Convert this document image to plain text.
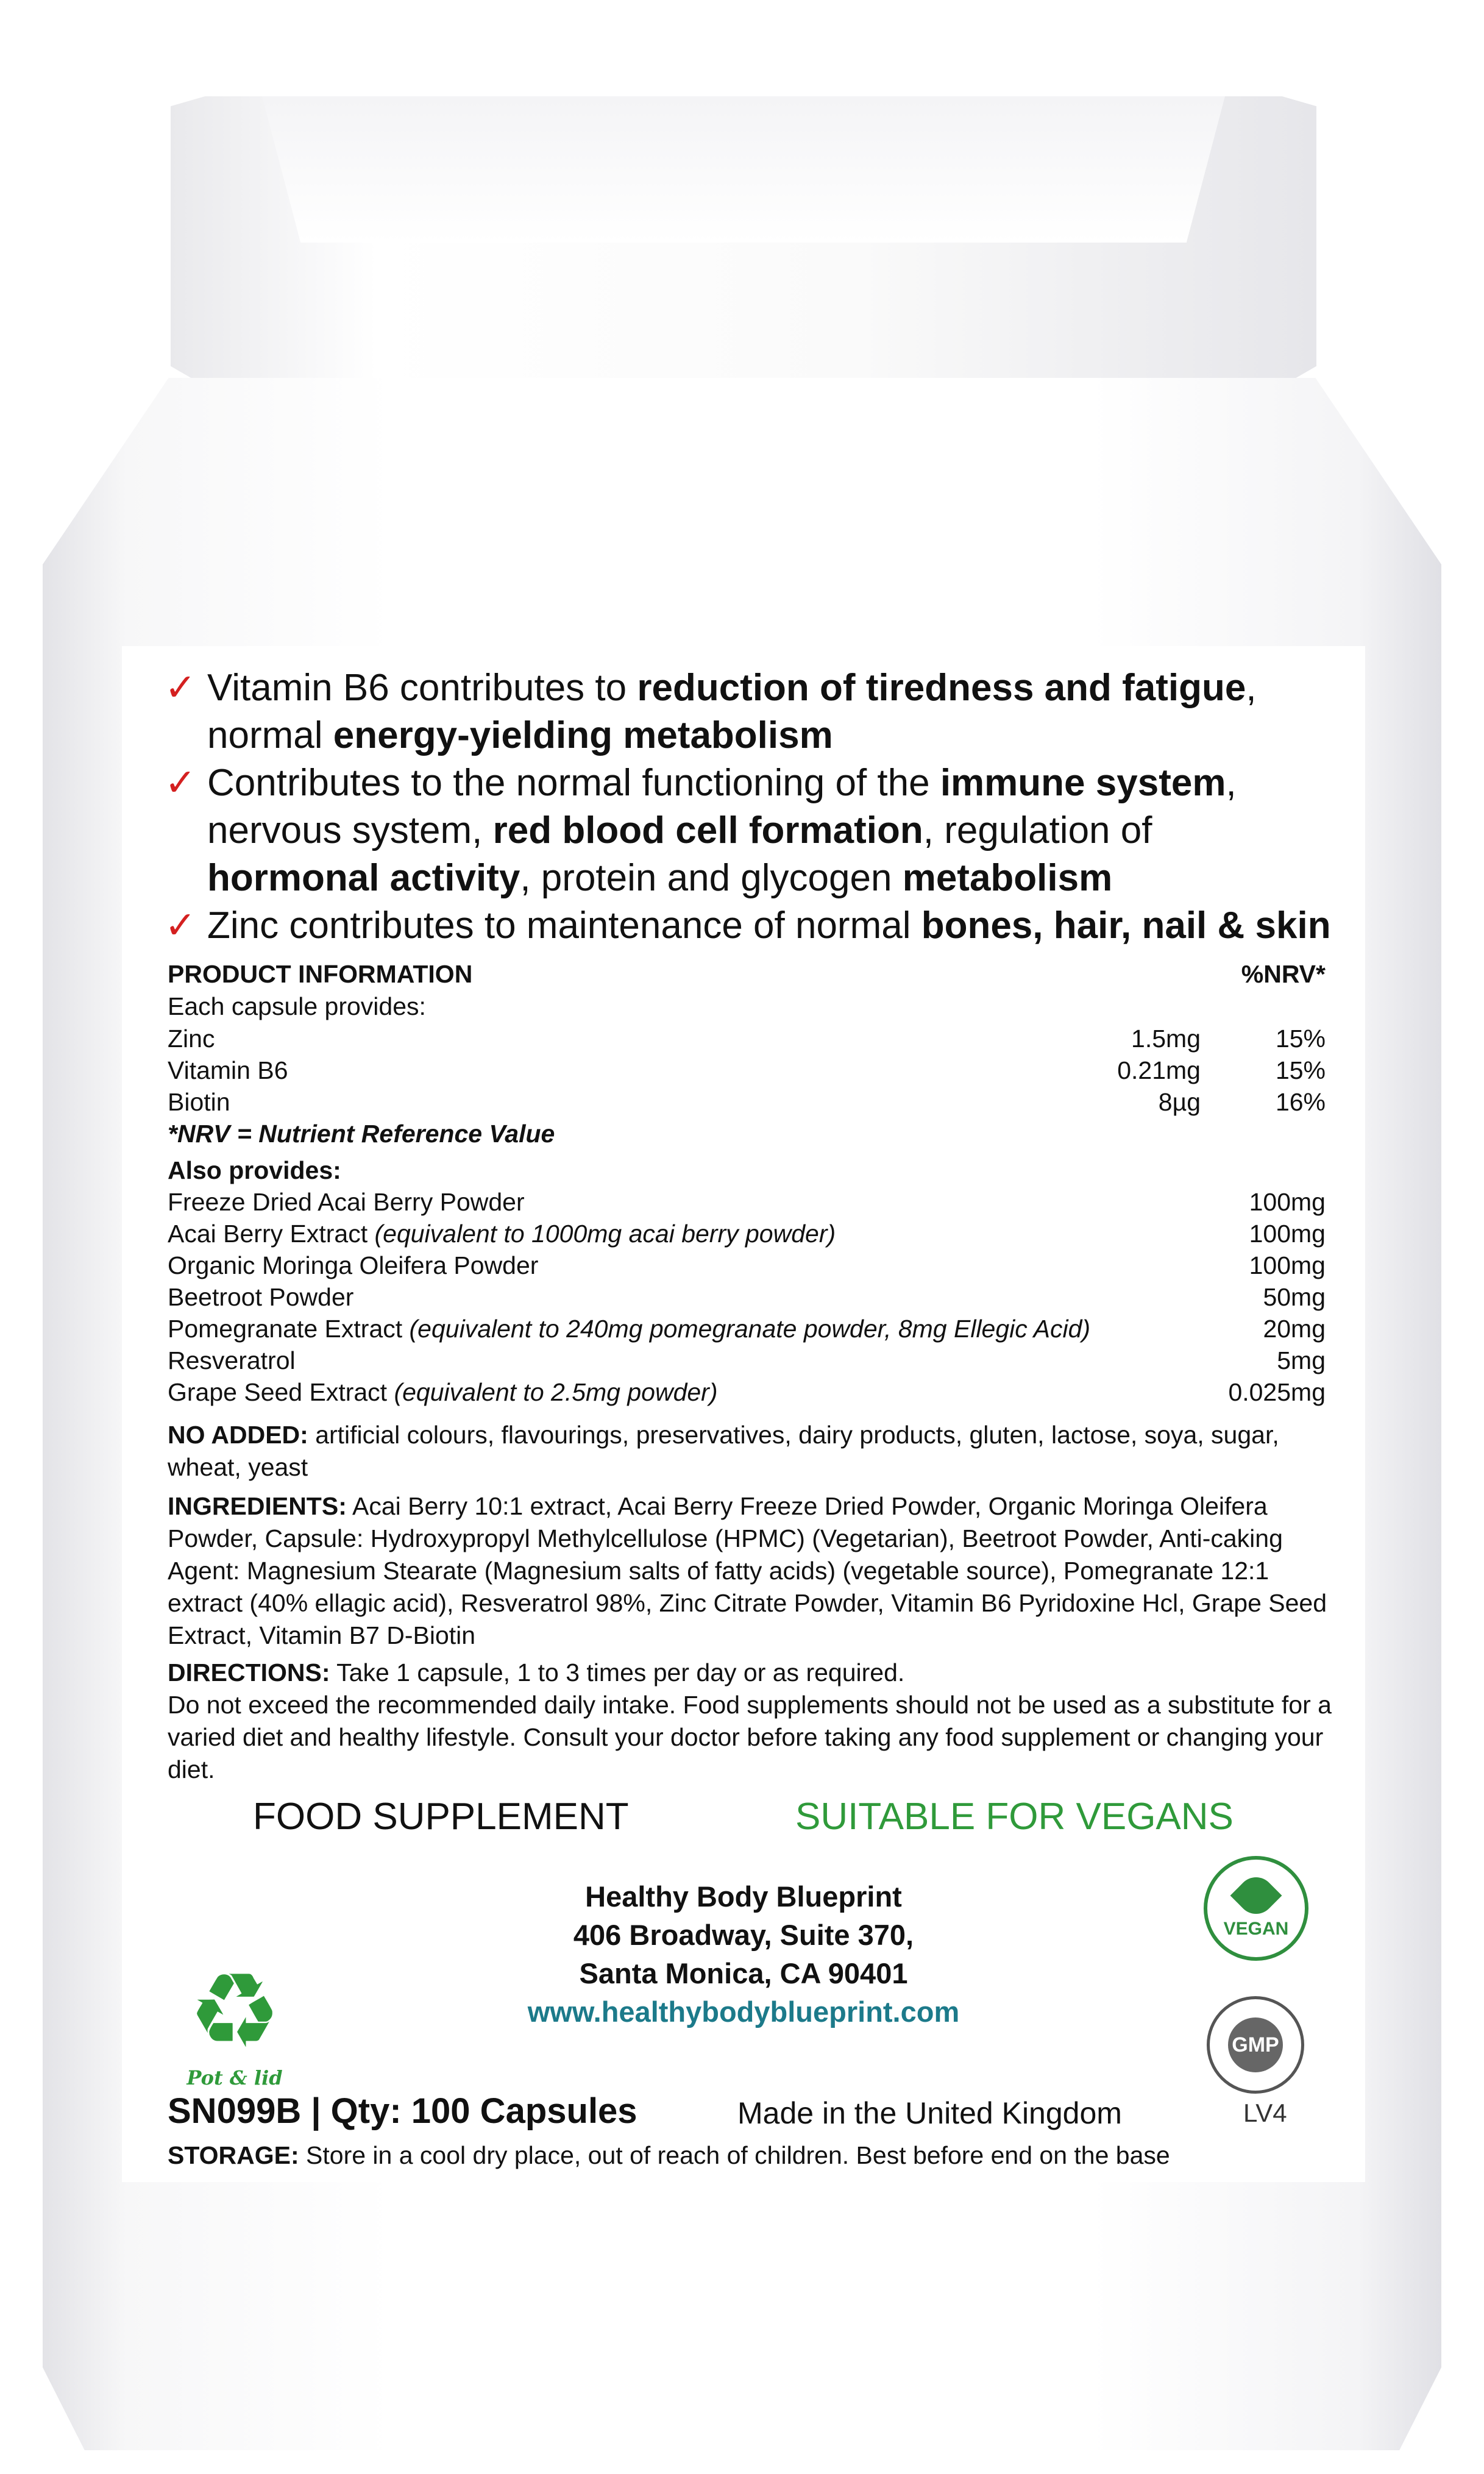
✓ Vitamin B6 contributes to reduction of tiredness and fatigue,
normal energy-yielding metabolism
✓ Contributes to the normal functioning of the immune system,
nervous system, red blood cell formation, regulation of
hormonal activity, protein and glycogen metabolism
✓ Zinc contributes to maintenance of normal bones, hair, nail & skin
PRODUCT INFORMATION	%NRV*
Each capsule provides:
Zinc	1.5mg	15%
Vitamin B6	0.21mg	15%
Biotin	8µg	16%
*NRV = Nutrient Reference Value
Also provides:
Freeze Dried Acai Berry Powder	100mg
Acai Berry Extract (equivalent to 1000mg acai berry powder)	100mg
Organic Moringa Oleifera Powder	100mg
Beetroot Powder	50mg
Pomegranate Extract (equivalent to 240mg pomegranate powder, 8mg Ellegic Acid)	20mg
Resveratrol	5mg
Grape Seed Extract (equivalent to 2.5mg powder)	0.025mg
NO ADDED: artificial colours, flavourings, preservatives, dairy products, gluten, lactose, soya, sugar, wheat, yeast
INGREDIENTS: Acai Berry 10:1 extract, Acai Berry Freeze Dried Powder, Organic Moringa Oleifera Powder, Capsule: Hydroxypropyl Methylcellulose (HPMC) (Vegetarian), Beetroot Powder, Anti-caking Agent: Magnesium Stearate (Magnesium salts of fatty acids) (vegetable source), Pomegranate 12:1 extract (40% ellagic acid), Resveratrol 98%, Zinc Citrate Powder, Vitamin B6 Pyridoxine Hcl, Grape Seed Extract, Vitamin B7 D-Biotin
DIRECTIONS: Take 1 capsule, 1 to 3 times per day or as required.
Do not exceed the recommended daily intake. Food supplements should not be used as a substitute for a varied diet and healthy lifestyle. Consult your doctor before taking any food supplement or changing your diet.
FOOD SUPPLEMENT	SUITABLE FOR VEGANS
Healthy Body Blueprint
406 Broadway, Suite 370,
Santa Monica, CA 90401
www.healthybodyblueprint.com
♻
Pot & lid
VEGAN
GMP
SN099B | Qty: 100 Capsules	Made in the United Kingdom	LV4
STORAGE: Store in a cool dry place, out of reach of children. Best before end on the base
